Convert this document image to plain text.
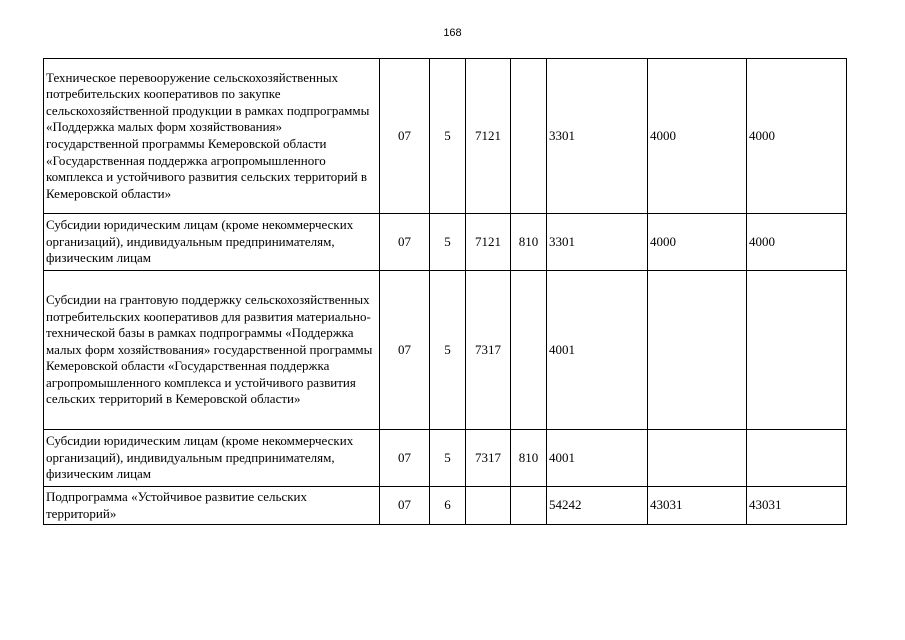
168
Техническое перевооружение сельскохозяйственных потребительских кооперативов по закупке сельскохозяйственной продукции в рамках подпрограммы «Поддержка малых форм хозяйствования» государственной программы Кемеровской области «Государственная поддержка агропромышленного комплекса и устойчивого развития сельских территорий в Кемеровской области»	07	5	7121		3301	4000	4000
Субсидии юридическим лицам (кроме некоммерческих организаций), индивидуальным предпринимателям, физическим лицам	07	5	7121	810	3301	4000	4000
Субсидии на грантовую поддержку сельскохозяйственных потребительских кооперативов для развития материально-технической базы в рамках подпрограммы «Поддержка малых форм хозяйствования» государственной программы Кемеровской области «Государственная поддержка агропромышленного комплекса и устойчивого развития сельских территорий в Кемеровской области»	07	5	7317		4001		
Субсидии юридическим лицам (кроме некоммерческих организаций), индивидуальным предпринимателям, физическим лицам	07	5	7317	810	4001		
Подпрограмма «Устойчивое развитие сельских территорий»	07	6			54242	43031	43031
